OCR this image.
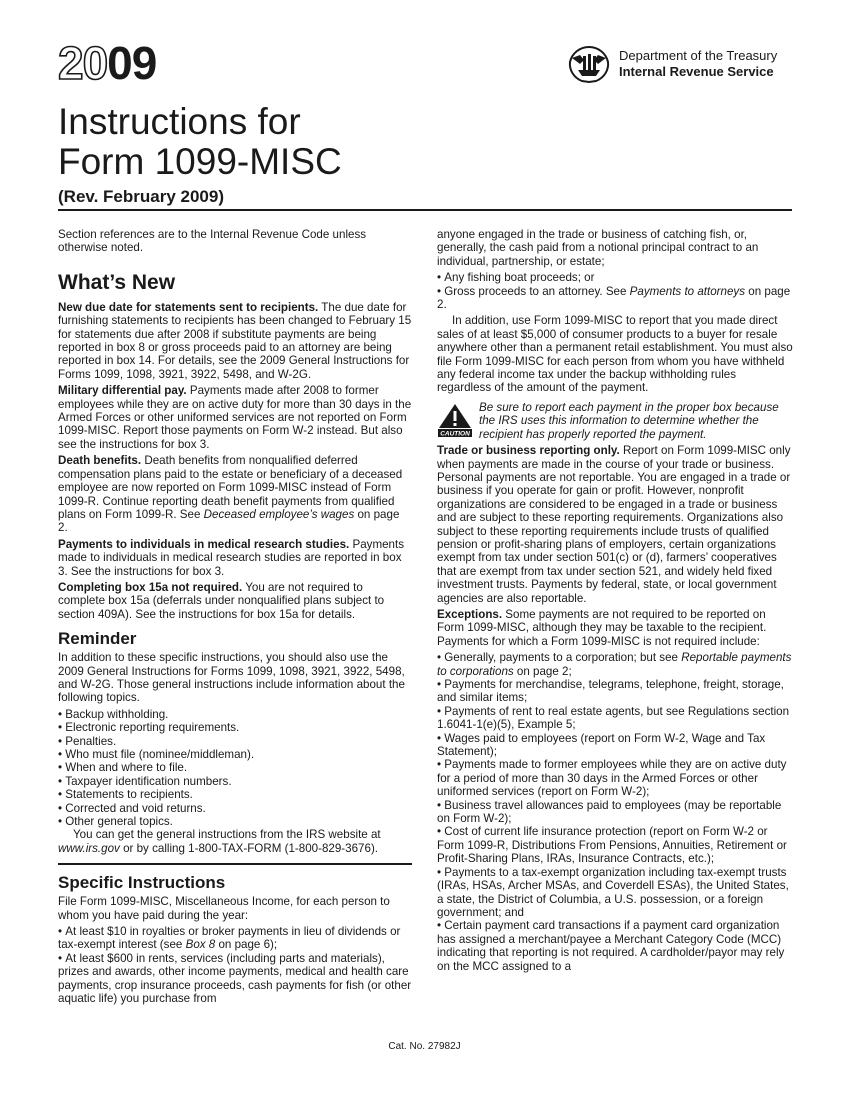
2009	Department of the Treasury
Internal Revenue Service
Instructions for
Form 1099-MISC
(Rev. February 2009)

Section references are to the Internal Revenue Code unless otherwise noted.

What’s New

New due date for statements sent to recipients. The due date for furnishing statements to recipients has been changed to February 15 for statements due after 2008 if substitute payments are being reported in box 8 or gross proceeds paid to an attorney are being reported in box 14. For details, see the 2009 General Instructions for Forms 1099, 1098, 3921, 3922, 5498, and W-2G.

Military differential pay. Payments made after 2008 to former employees while they are on active duty for more than 30 days in the Armed Forces or other uniformed services are not reported on Form 1099-MISC. Report those payments on Form W-2 instead. But also see the instructions for box 3.

Death benefits. Death benefits from nonqualified deferred compensation plans paid to the estate or beneficiary of a deceased employee are now reported on Form 1099-MISC instead of Form 1099-R. Continue reporting death benefit payments from qualified plans on Form 1099-R. See Deceased employee’s wages on page 2.

Payments to individuals in medical research studies. Payments made to individuals in medical research studies are reported in box 3. See the instructions for box 3.

Completing box 15a not required. You are not required to complete box 15a (deferrals under nonqualified plans subject to section 409A). See the instructions for box 15a for details.

Reminder

In addition to these specific instructions, you should also use the 2009 General Instructions for Forms 1099, 1098, 3921, 3922, 5498, and W-2G. Those general instructions include information about the following topics.

• Backup withholding.
• Electronic reporting requirements.
• Penalties.
• Who must file (nominee/middleman).
• When and where to file.
• Taxpayer identification numbers.
• Statements to recipients.
• Corrected and void returns.
• Other general topics.

You can get the general instructions from the IRS website at www.irs.gov or by calling 1-800-TAX-FORM (1-800-829-3676).

Specific Instructions

File Form 1099-MISC, Miscellaneous Income, for each person to whom you have paid during the year:

• At least $10 in royalties or broker payments in lieu of dividends or tax-exempt interest (see Box 8 on page 6);
• At least $600 in rents, services (including parts and materials), prizes and awards, other income payments, medical and health care payments, crop insurance proceeds, cash payments for fish (or other aquatic life) you purchase from

anyone engaged in the trade or business of catching fish, or, generally, the cash paid from a notional principal contract to an individual, partnership, or estate;

• Any fishing boat proceeds; or
• Gross proceeds to an attorney. See Payments to attorneys on page 2.

In addition, use Form 1099-MISC to report that you made direct sales of at least $5,000 of consumer products to a buyer for resale anywhere other than a permanent retail establishment. You must also file Form 1099-MISC for each person from whom you have withheld any federal income tax under the backup withholding rules regardless of the amount of the payment.

CAUTION
Be sure to report each payment in the proper box because the IRS uses this information to determine whether the recipient has properly reported the payment.

Trade or business reporting only. Report on Form 1099-MISC only when payments are made in the course of your trade or business. Personal payments are not reportable. You are engaged in a trade or business if you operate for gain or profit. However, nonprofit organizations are considered to be engaged in a trade or business and are subject to these reporting requirements. Organizations also subject to these reporting requirements include trusts of qualified pension or profit-sharing plans of employers, certain organizations exempt from tax under section 501(c) or (d), farmers’ cooperatives that are exempt from tax under section 521, and widely held fixed investment trusts. Payments by federal, state, or local government agencies are also reportable.

Exceptions. Some payments are not required to be reported on Form 1099-MISC, although they may be taxable to the recipient. Payments for which a Form 1099-MISC is not required include:

• Generally, payments to a corporation; but see Reportable payments to corporations on page 2;
• Payments for merchandise, telegrams, telephone, freight, storage, and similar items;
• Payments of rent to real estate agents, but see Regulations section 1.6041-1(e)(5), Example 5;
• Wages paid to employees (report on Form W-2, Wage and Tax Statement);
• Payments made to former employees while they are on active duty for a period of more than 30 days in the Armed Forces or other uniformed services (report on Form W-2);
• Business travel allowances paid to employees (may be reportable on Form W-2);
• Cost of current life insurance protection (report on Form W-2 or Form 1099-R, Distributions From Pensions, Annuities, Retirement or Profit-Sharing Plans, IRAs, Insurance Contracts, etc.);
• Payments to a tax-exempt organization including tax-exempt trusts (IRAs, HSAs, Archer MSAs, and Coverdell ESAs), the United States, a state, the District of Columbia, a U.S. possession, or a foreign government; and
• Certain payment card transactions if a payment card organization has assigned a merchant/payee a Merchant Category Code (MCC) indicating that reporting is not required. A cardholder/payor may rely on the MCC assigned to a
Cat. No. 27982J
